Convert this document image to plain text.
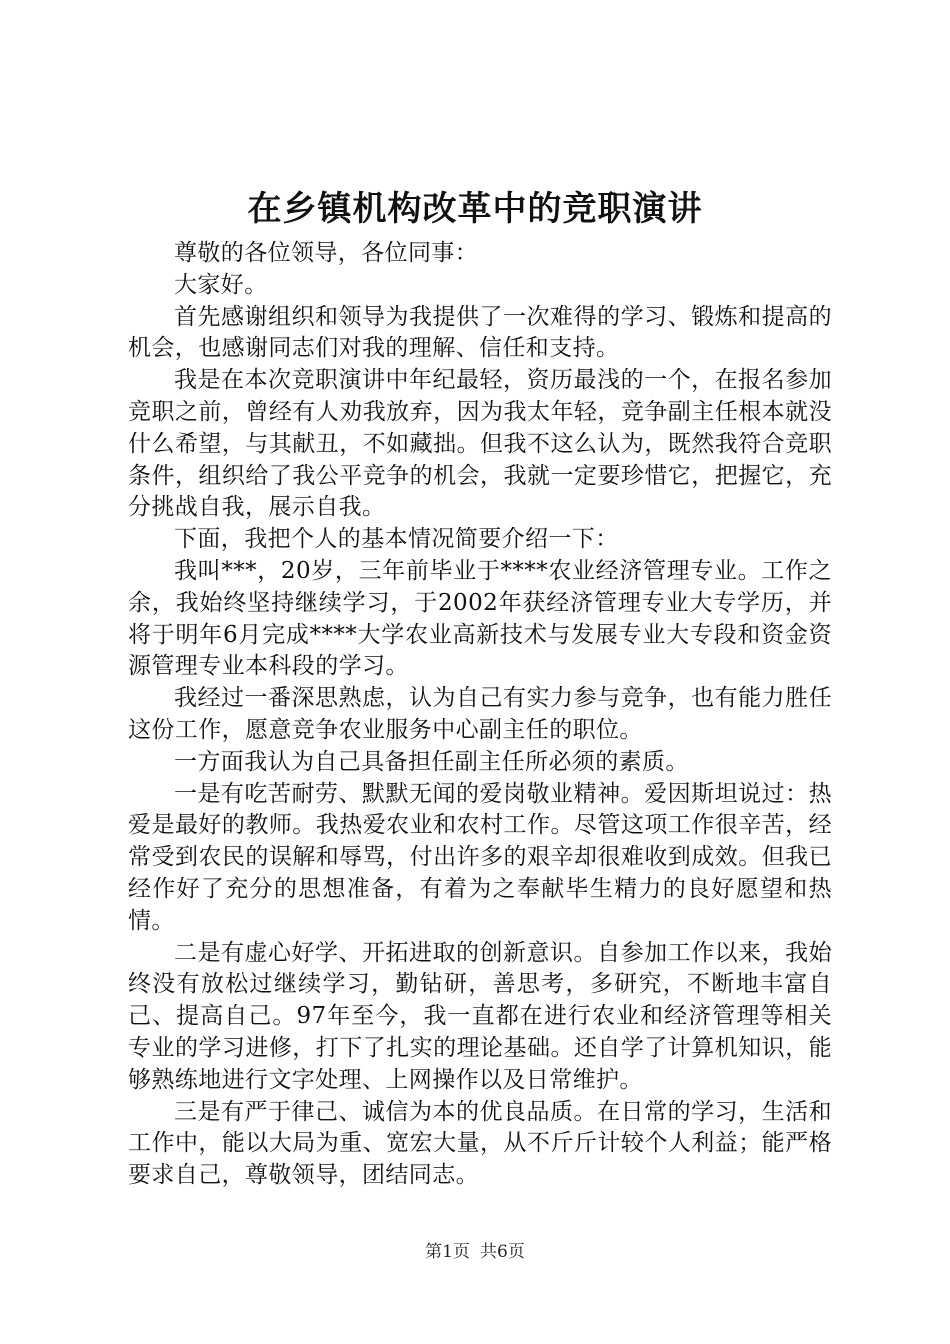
在乡镇机构改革中的竞职演讲

尊敬的各位领导，各位同事：

大家好。

首先感谢组织和领导为我提供了一次难得的学习、锻炼和提高的机会，也感谢同志们对我的理解、信任和支持。

我是在本次竞职演讲中年纪最轻，资历最浅的一个，在报名参加竞职之前，曾经有人劝我放弃，因为我太年轻，竞争副主任根本就没什么希望，与其献丑，不如藏拙。但我不这么认为，既然我符合竞职条件，组织给了我公平竞争的机会，我就一定要珍惜它，把握它，充分挑战自我，展示自我。

下面，我把个人的基本情况简要介绍一下：

我叫***，20岁，三年前毕业于****农业经济管理专业。工作之余，我始终坚持继续学习，于2002年获经济管理专业大专学历，并将于明年6月完成****大学农业高新技术与发展专业大专段和资金资源管理专业本科段的学习。

我经过一番深思熟虑，认为自己有实力参与竞争，也有能力胜任这份工作，愿意竞争农业服务中心副主任的职位。

一方面我认为自己具备担任副主任所必须的素质。

一是有吃苦耐劳、默默无闻的爱岗敬业精神。爱因斯坦说过：热爱是最好的教师。我热爱农业和农村工作。尽管这项工作很辛苦，经常受到农民的误解和辱骂，付出许多的艰辛却很难收到成效。但我已经作好了充分的思想准备，有着为之奉献毕生精力的良好愿望和热情。

二是有虚心好学、开拓进取的创新意识。自参加工作以来，我始终没有放松过继续学习，勤钻研，善思考，多研究，不断地丰富自己、提高自己。97年至今，我一直都在进行农业和经济管理等相关专业的学习进修，打下了扎实的理论基础。还自学了计算机知识，能够熟练地进行文字处理、上网操作以及日常维护。

三是有严于律己、诚信为本的优良品质。在日常的学习，生活和工作中，能以大局为重、宽宏大量，从不斤斤计较个人利益；能严格要求自己，尊敬领导，团结同志。

第1页 共6页
